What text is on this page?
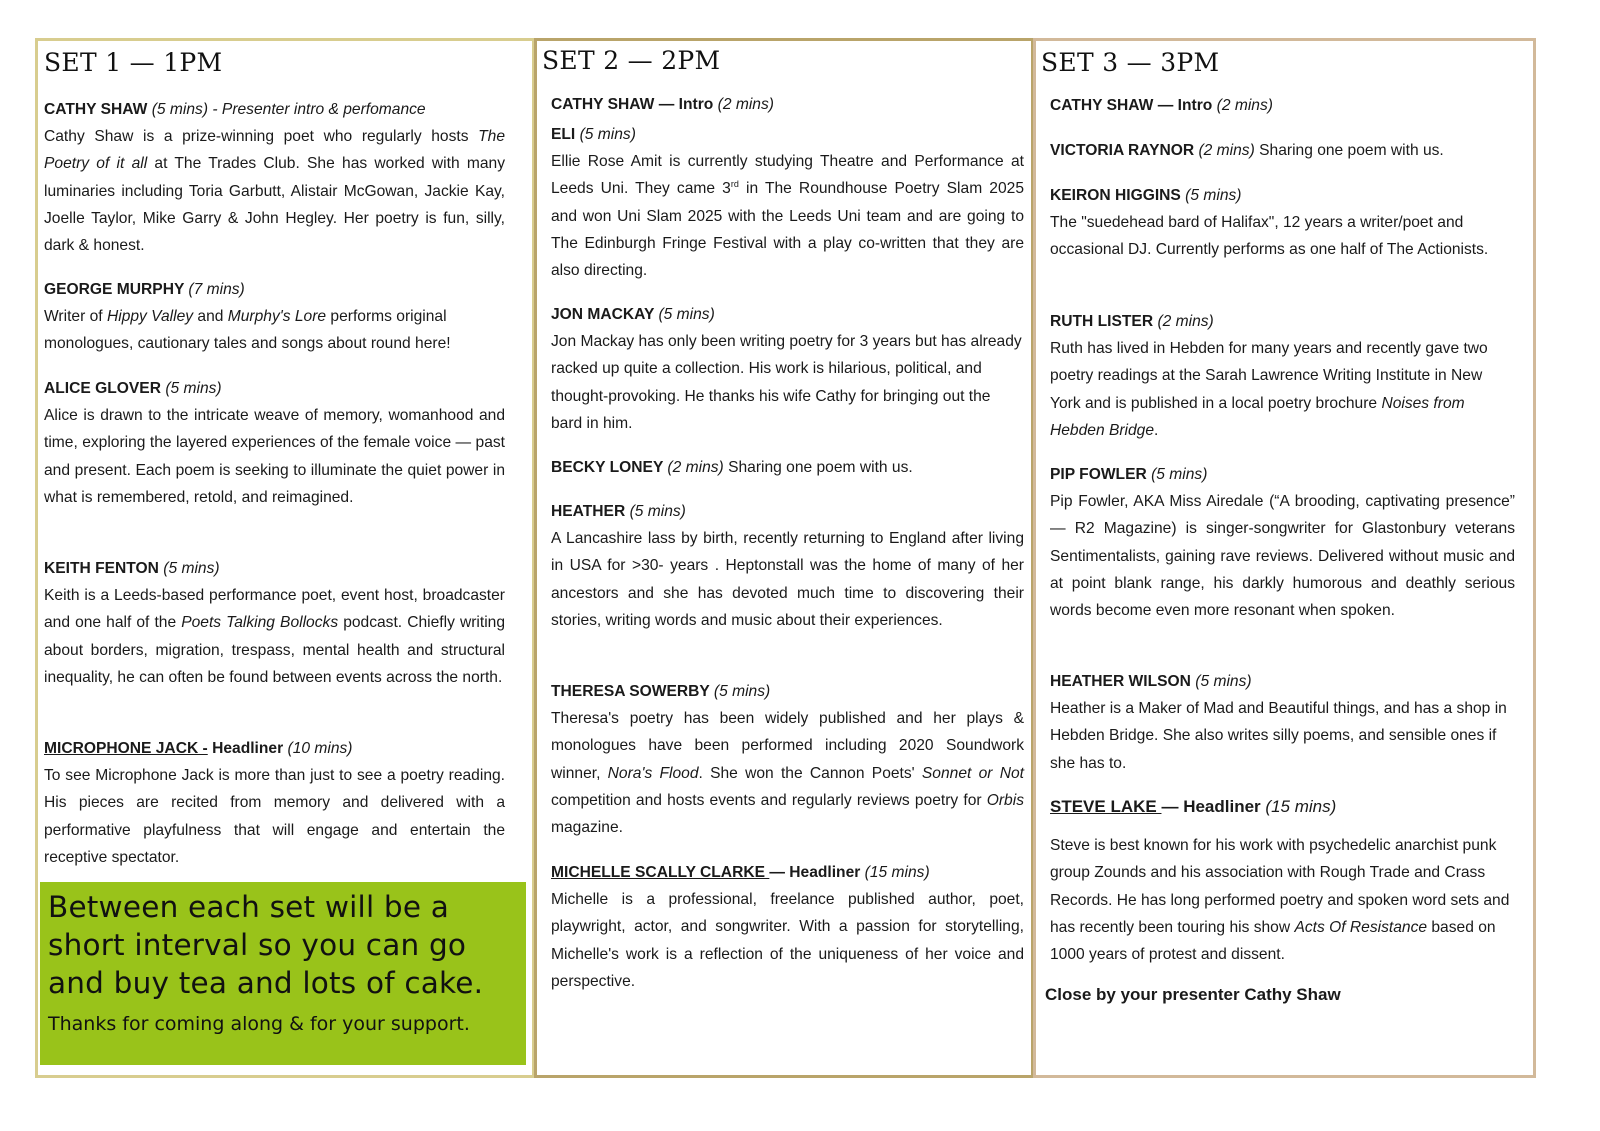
SET 1 — 1PM

CATHY SHAW (5 mins) - Presenter intro & perfomance

Cathy Shaw is a prize-winning poet who regularly hosts The Poetry of it all at The Trades Club. She has worked with many luminaries including Toria Garbutt, Alistair McGowan, Jackie Kay, Joelle Taylor, Mike Garry & John Hegley. Her poetry is fun, silly, dark & honest.

GEORGE MURPHY (7 mins)

Writer of Hippy Valley and Murphy's Lore performs original monologues, cautionary tales and songs about round here!

ALICE GLOVER (5 mins)

Alice is drawn to the intricate weave of memory, womanhood and time, exploring the layered experiences of the female voice — past and present. Each poem is seeking to illuminate the quiet power in what is remembered, retold, and reimagined.

KEITH FENTON (5 mins)

Keith is a Leeds-based performance poet, event host, broadcaster and one half of the Poets Talking Bollocks podcast. Chiefly writing about borders, migration, trespass, mental health and structural inequality, he can often be found between events across the north.

MICROPHONE JACK - Headliner (10 mins)

To see Microphone Jack is more than just to see a poetry reading. His pieces are recited from memory and delivered with a performative playfulness that will engage and entertain the receptive spectator.

Between each set will be a short interval so you can go and buy tea and lots of cake.

Thanks for coming along & for your support.

SET 2 — 2PM

CATHY SHAW — Intro (2 mins)

ELI (5 mins)

Ellie Rose Amit is currently studying Theatre and Performance at Leeds Uni. They came 3rd in The Roundhouse Poetry Slam 2025 and won Uni Slam 2025 with the Leeds Uni team and are going to The Edinburgh Fringe Festival with a play co-written that they are also directing.

JON MACKAY (5 mins)

Jon Mackay has only been writing poetry for 3 years but has already racked up quite a collection. His work is hilarious, political, and thought-provoking. He thanks his wife Cathy for bringing out the bard in him.

BECKY LONEY (2 mins) Sharing one poem with us.

HEATHER (5 mins)

A Lancashire lass by birth, recently returning to England after living in USA for >30- years . Heptonstall was the home of many of her ancestors and she has devoted much time to discovering their stories, writing words and music about their experiences.

THERESA SOWERBY (5 mins)

Theresa's poetry has been widely published and her plays & monologues have been performed including 2020 Soundwork winner, Nora's Flood. She won the Cannon Poets' Sonnet or Not competition and hosts events and regularly reviews poetry for Orbis magazine.

MICHELLE SCALLY CLARKE — Headliner (15 mins)

Michelle is a professional, freelance published author, poet, playwright, actor, and songwriter. With a passion for storytelling, Michelle's work is a reflection of the uniqueness of her voice and perspective.

SET 3 — 3PM

CATHY SHAW — Intro (2 mins)

VICTORIA RAYNOR (2 mins) Sharing one poem with us.

KEIRON HIGGINS (5 mins)

The "suedehead bard of Halifax", 12 years a writer/poet and occasional DJ. Currently performs as one half of The Actionists.

RUTH LISTER (2 mins)

Ruth has lived in Hebden for many years and recently gave two poetry readings at the Sarah Lawrence Writing Institute in New York and is published in a local poetry brochure Noises from Hebden Bridge.

PIP FOWLER (5 mins)

Pip Fowler, AKA Miss Airedale (“A brooding, captivating presence” — R2 Magazine) is singer-songwriter for Glastonbury veterans Sentimentalists, gaining rave reviews. Delivered without music and at point blank range, his darkly humorous and deathly serious words become even more resonant when spoken.

HEATHER WILSON (5 mins)

Heather is a Maker of Mad and Beautiful things, and has a shop in Hebden Bridge. She also writes silly poems, and sensible ones if she has to.

STEVE LAKE — Headliner (15 mins)

Steve is best known for his work with psychedelic anarchist punk group Zounds and his association with Rough Trade and Crass Records. He has long performed poetry and spoken word sets and has recently been touring his show Acts Of Resistance based on 1000 years of protest and dissent.

Close by your presenter Cathy Shaw
